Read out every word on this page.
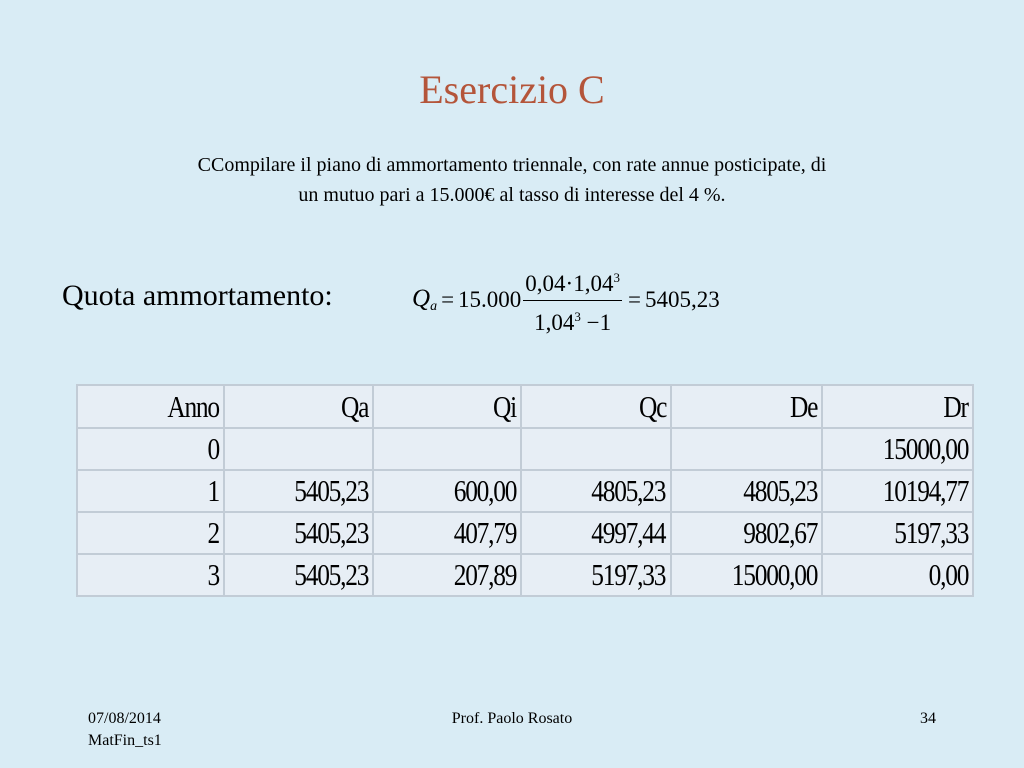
Esercizio C
CCompilare il piano di ammortamento triennale, con rate annue posticipate, di
un mutuo pari a 15.000€ al tasso di interesse del 4 %.
Quota ammortamento:	$Q_a = 15.000 \frac{0,04\cdot 1,04^3}{1,04^3 -1} = 5405,23$
Anno	Qa	Qi	Qc	De	Dr
0					15000,00
1	5405,23	600,00	4805,23	4805,23	10194,77
2	5405,23	407,79	4997,44	9802,67	5197,33
3	5405,23	207,89	5197,33	15000,00	0,00
07/08/2014
MatFin_ts1
Prof. Paolo Rosato	34
